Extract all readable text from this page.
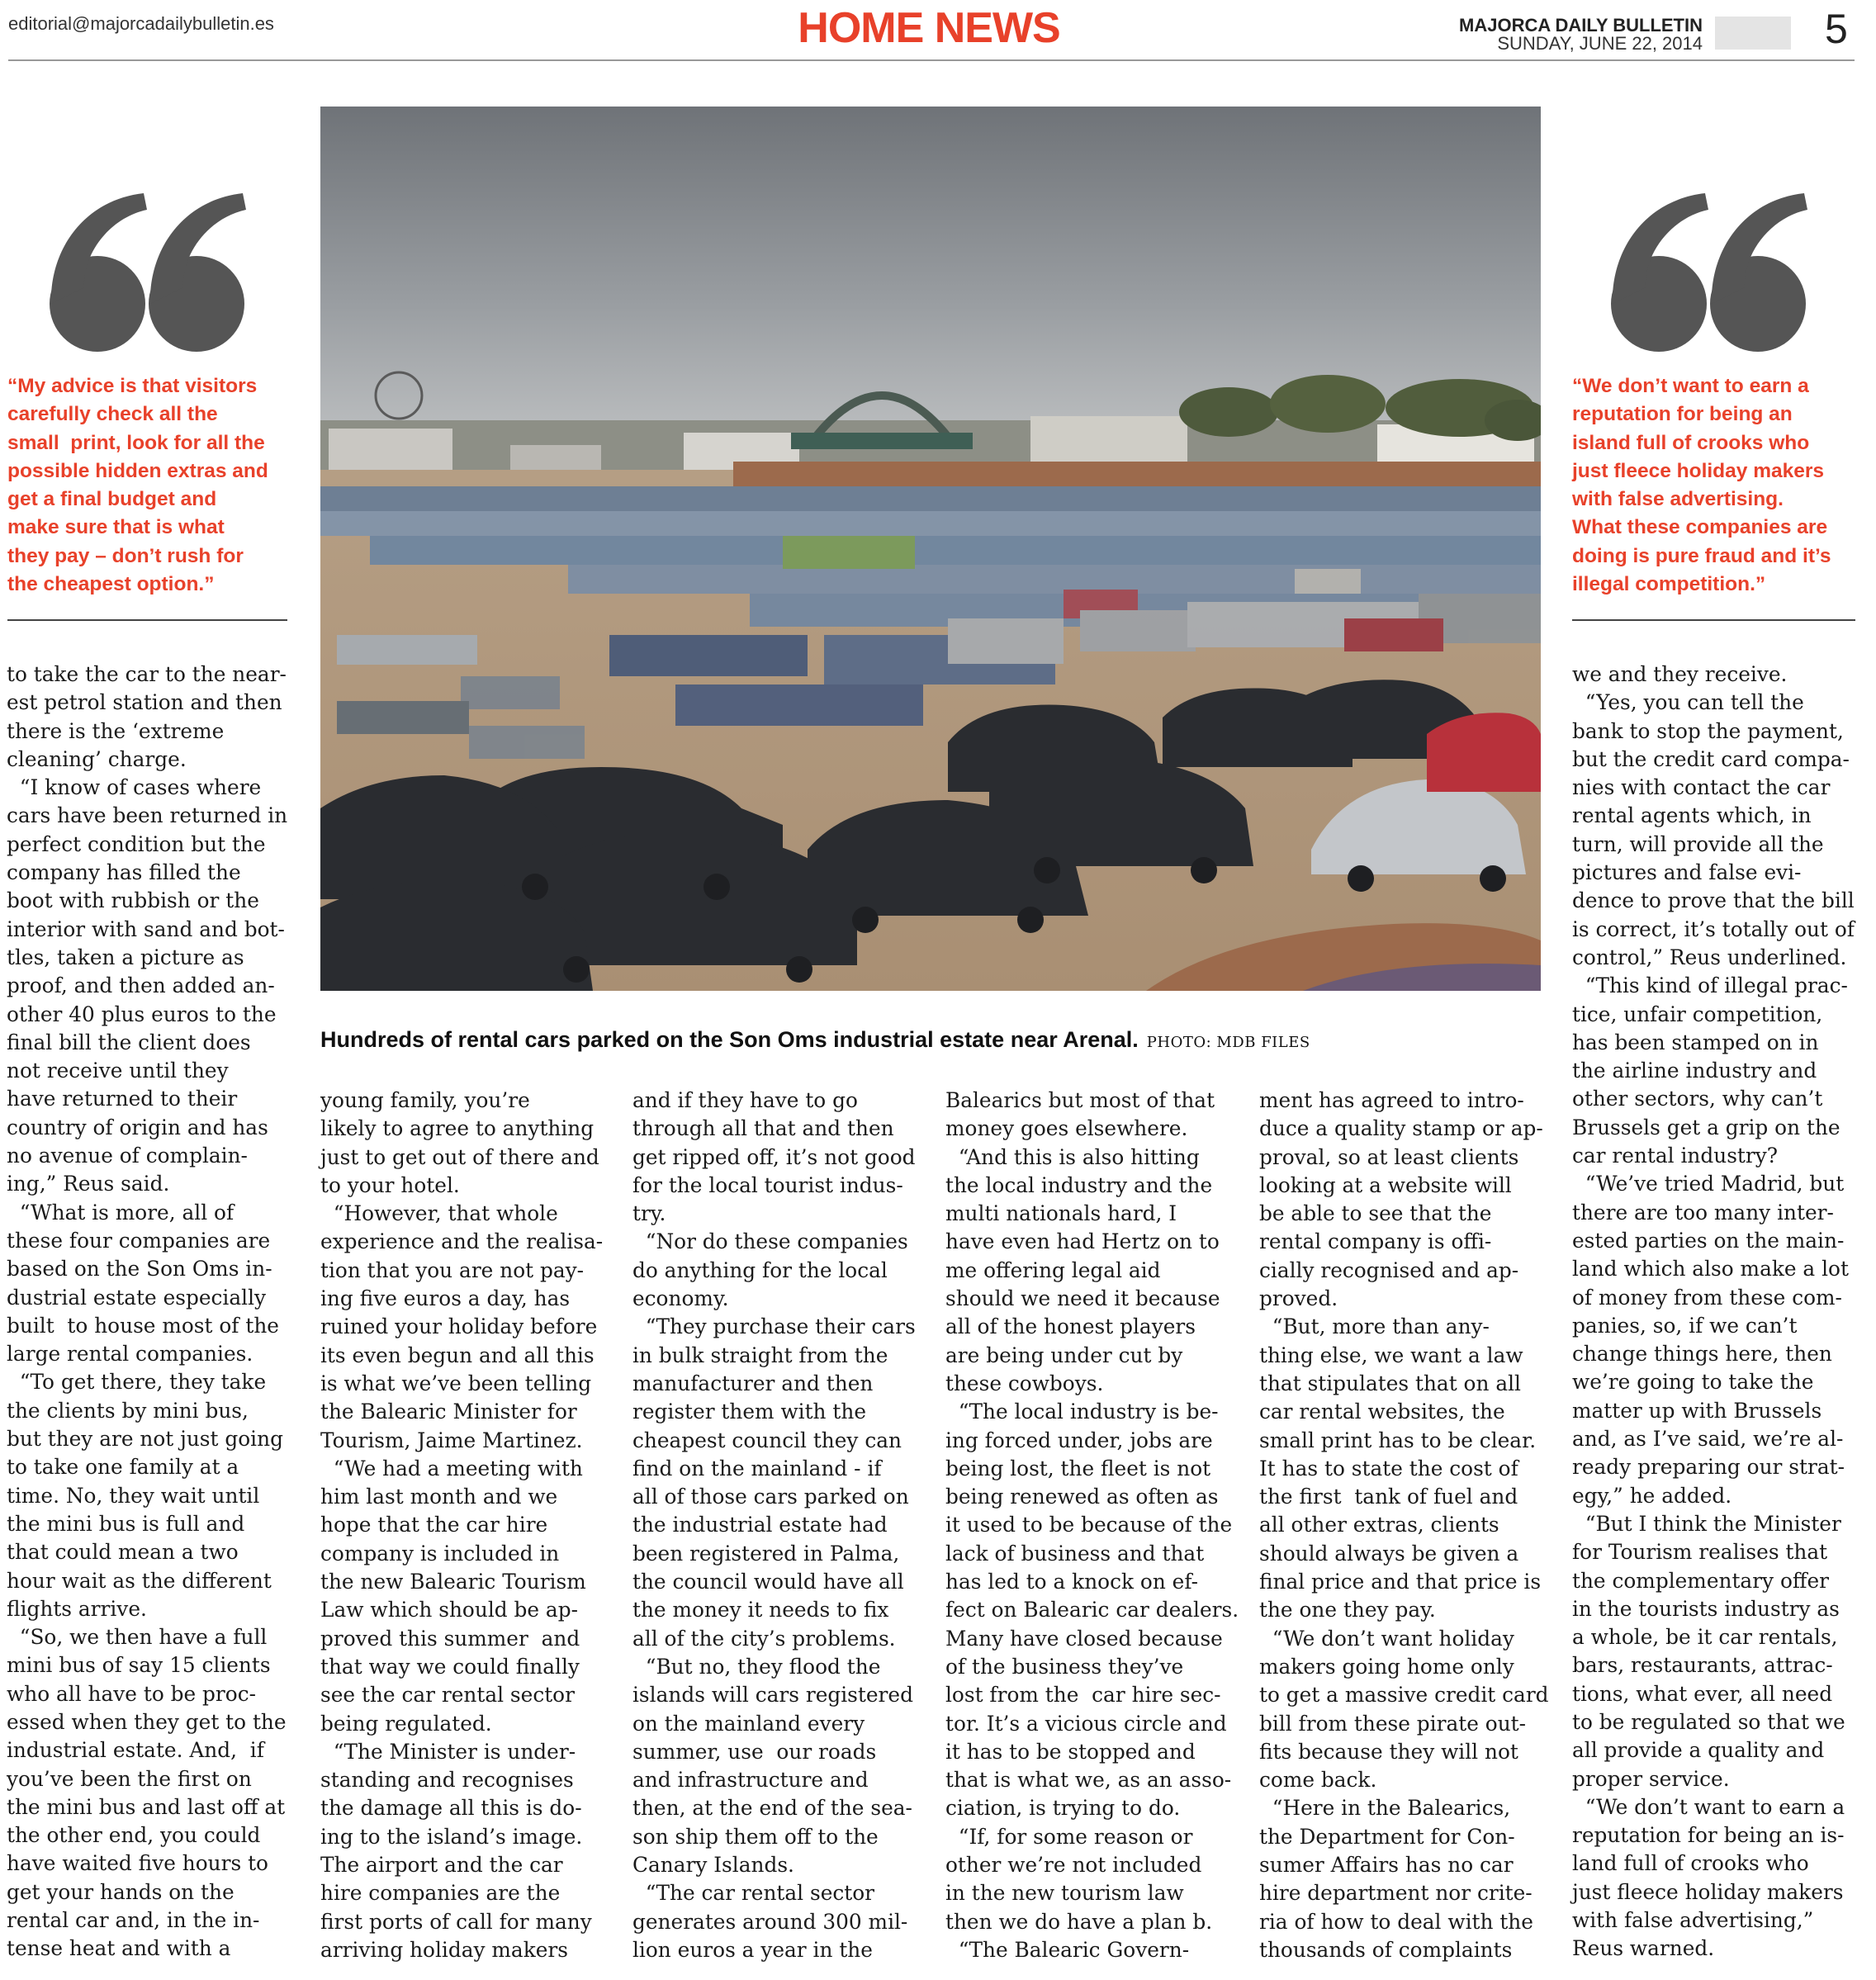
editorial@majorcadailybulletin.es	HOME NEWS	MAJORCA DAILY BULLETIN
SUNDAY, JUNE 22, 2014	5
“My advice is that visitors
carefully check all the
small  print, look for all the
possible hidden extras and
get a final budget and
make sure that is what
they pay – don’t rush for
the cheapest option.”
“We don’t want to earn a
reputation for being an
island full of crooks who
just fleece holiday makers
with false advertising.
What these companies are
doing is pure fraud and it’s
illegal competition.”
Hundreds of rental cars parked on the Son Oms industrial estate near Arenal. PHOTO: MDB FILES
to take the car to the near-
est petrol station and then
there is the ‘extreme
cleaning’ charge.
“I know of cases where
cars have been returned in
perfect condition but the
company has filled the
boot with rubbish or the
interior with sand and bot-
tles, taken a picture as
proof, and then added an-
other 40 plus euros to the
final bill the client does
not receive until they
have returned to their
country of origin and has
no avenue of complain-
ing,” Reus said.
“What is more, all of
these four companies are
based on the Son Oms in-
dustrial estate especially
built  to house most of the
large rental companies.
“To get there, they take
the clients by mini bus,
but they are not just going
to take one family at a
time. No, they wait until
the mini bus is full and
that could mean a two
hour wait as the different
flights arrive.
“So, we then have a full
mini bus of say 15 clients
who all have to be proc-
essed when they get to the
industrial estate. And,  if
you’ve been the first on
the mini bus and last off at
the other end, you could
have waited five hours to
get your hands on the
rental car and, in the in-
tense heat and with a
young family, you’re
likely to agree to anything
just to get out of there and
to your hotel.
“However, that whole
experience and the realisa-
tion that you are not pay-
ing five euros a day, has
ruined your holiday before
its even begun and all this
is what we’ve been telling
the Balearic Minister for
Tourism, Jaime Martinez.
“We had a meeting with
him last month and we
hope that the car hire
company is included in
the new Balearic Tourism
Law which should be ap-
proved this summer  and
that way we could finally
see the car rental sector
being regulated.
“The Minister is under-
standing and recognises
the damage all this is do-
ing to the island’s image.
The airport and the car
hire companies are the
first ports of call for many
arriving holiday makers
and if they have to go
through all that and then
get ripped off, it’s not good
for the local tourist indus-
try.
“Nor do these companies
do anything for the local
economy.
“They purchase their cars
in bulk straight from the
manufacturer and then
register them with the
cheapest council they can
find on the mainland - if
all of those cars parked on
the industrial estate had
been registered in Palma,
the council would have all
the money it needs to fix
all of the city’s problems.
“But no, they flood the
islands will cars registered
on the mainland every
summer, use  our roads
and infrastructure and
then, at the end of the sea-
son ship them off to the
Canary Islands.
“The car rental sector
generates around 300 mil-
lion euros a year in the
Balearics but most of that
money goes elsewhere.
“And this is also hitting
the local industry and the
multi nationals hard, I
have even had Hertz on to
me offering legal aid
should we need it because
all of the honest players
are being under cut by
these cowboys.
“The local industry is be-
ing forced under, jobs are
being lost, the fleet is not
being renewed as often as
it used to be because of the
lack of business and that
has led to a knock on ef-
fect on Balearic car dealers.
Many have closed because
of the business they’ve
lost from the  car hire sec-
tor. It’s a vicious circle and
it has to be stopped and
that is what we, as an asso-
ciation, is trying to do.
“If, for some reason or
other we’re not included
in the new tourism law
then we do have a plan b.
“The Balearic Govern-
ment has agreed to intro-
duce a quality stamp or ap-
proval, so at least clients
looking at a website will
be able to see that the
rental company is offi-
cially recognised and ap-
proved.
“But, more than any-
thing else, we want a law
that stipulates that on all
car rental websites, the
small print has to be clear.
It has to state the cost of
the first  tank of fuel and
all other extras, clients
should always be given a
final price and that price is
the one they pay.
“We don’t want holiday
makers going home only
to get a massive credit card
bill from these pirate out-
fits because they will not
come back.
“Here in the Balearics,
the Department for Con-
sumer Affairs has no car
hire department nor crite-
ria of how to deal with the
thousands of complaints
we and they receive.
“Yes, you can tell the
bank to stop the payment,
but the credit card compa-
nies with contact the car
rental agents which, in
turn, will provide all the
pictures and false evi-
dence to prove that the bill
is correct, it’s totally out of
control,” Reus underlined.
“This kind of illegal prac-
tice, unfair competition,
has been stamped on in
the airline industry and
other sectors, why can’t
Brussels get a grip on the
car rental industry?
“We’ve tried Madrid, but
there are too many inter-
ested parties on the main-
land which also make a lot
of money from these com-
panies, so, if we can’t
change things here, then
we’re going to take the
matter up with Brussels
and, as I’ve said, we’re al-
ready preparing our strat-
egy,” he added.
“But I think the Minister
for Tourism realises that
the complementary offer
in the tourists industry as
a whole, be it car rentals,
bars, restaurants, attrac-
tions, what ever, all need
to be regulated so that we
all provide a quality and
proper service.
“We don’t want to earn a
reputation for being an is-
land full of crooks who
just fleece holiday makers
with false advertising,”
Reus warned.
